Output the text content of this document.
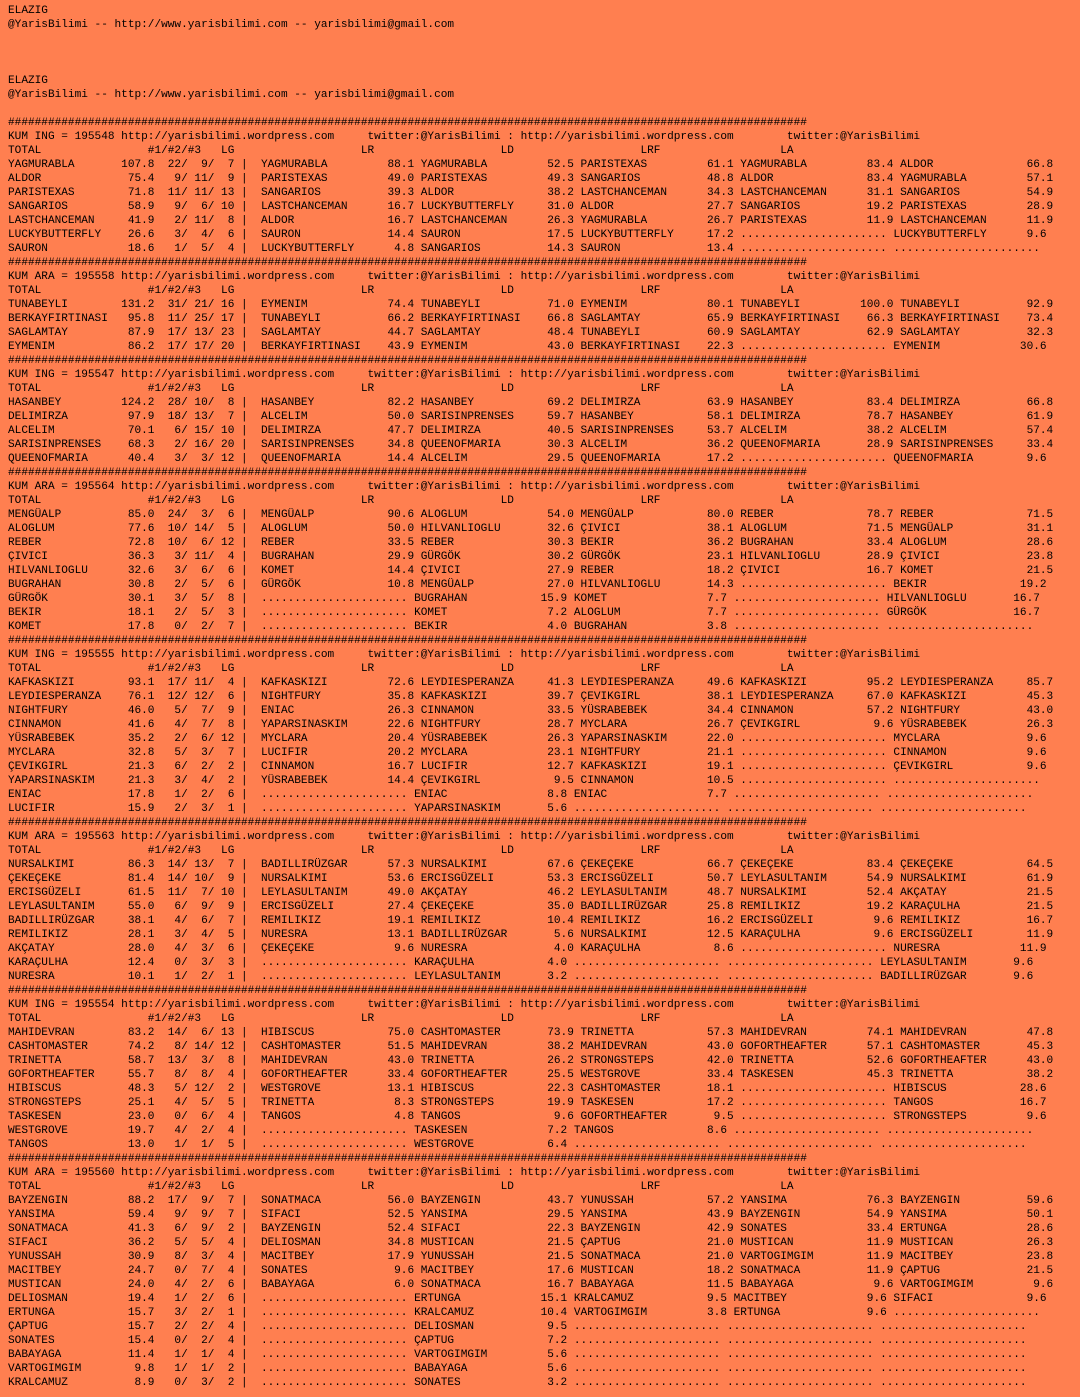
ELAZIG
@YarisBilimi -- http://www.yarisbilimi.com -- yarisbilimi@gmail.com
ELAZIG
@YarisBilimi -- http://www.yarisbilimi.com -- yarisbilimi@gmail.com
########################################################################################################################
KUM ING = 195548 http://yarisbilimi.wordpress.com     twitter:@YarisBilimi : http://yarisbilimi.wordpress.com        twitter:@YarisBilimi
TOTAL                #1/#2/#3   LG                   LR                   LD                   LRF                  LA
YAGMURABLA       107.8  22/  9/  7 |  YAGMURABLA         88.1 YAGMURABLA         52.5 PARISTEXAS         61.1 YAGMURABLA         83.4 ALDOR              66.8
ALDOR             75.4   9/ 11/  9 |  PARISTEXAS         49.0 PARISTEXAS         49.3 SANGARIOS          48.8 ALDOR              83.4 YAGMURABLA         57.1
PARISTEXAS        71.8  11/ 11/ 13 |  SANGARIOS          39.3 ALDOR              38.2 LASTCHANCEMAN      34.3 LASTCHANCEMAN      31.1 SANGARIOS          54.9
SANGARIOS         58.9   9/  6/ 10 |  LASTCHANCEMAN      16.7 LUCKYBUTTERFLY     31.0 ALDOR              27.7 SANGARIOS          19.2 PARISTEXAS         28.9
LASTCHANCEMAN     41.9   2/ 11/  8 |  ALDOR              16.7 LASTCHANCEMAN      26.3 YAGMURABLA         26.7 PARISTEXAS         11.9 LASTCHANCEMAN      11.9
LUCKYBUTTERFLY    26.6   3/  4/  6 |  SAURON             14.4 SAURON             17.5 LUCKYBUTTERFLY     17.2 ...................... LUCKYBUTTERFLY      9.6
SAURON            18.6   1/  5/  4 |  LUCKYBUTTERFLY      4.8 SANGARIOS          14.3 SAURON             13.4 ...................... ......................
########################################################################################################################
KUM ARA = 195558 http://yarisbilimi.wordpress.com     twitter:@YarisBilimi : http://yarisbilimi.wordpress.com        twitter:@YarisBilimi
TOTAL                #1/#2/#3   LG                   LR                   LD                   LRF                  LA
TUNABEYLI        131.2  31/ 21/ 16 |  EYMENIM            74.4 TUNABEYLI          71.0 EYMENIM            80.1 TUNABEYLI         100.0 TUNABEYLI          92.9
BERKAYFIRTINASI   95.8  11/ 25/ 17 |  TUNABEYLI          66.2 BERKAYFIRTINASI    66.8 SAGLAMTAY          65.9 BERKAYFIRTINASI    66.3 BERKAYFIRTINASI    73.4
SAGLAMTAY         87.9  17/ 13/ 23 |  SAGLAMTAY          44.7 SAGLAMTAY          48.4 TUNABEYLI          60.9 SAGLAMTAY          62.9 SAGLAMTAY          32.3
EYMENIM           86.2  17/ 17/ 20 |  BERKAYFIRTINASI    43.9 EYMENIM            43.0 BERKAYFIRTINASI    22.3 ...................... EYMENIM            30.6
########################################################################################################################
KUM ING = 195547 http://yarisbilimi.wordpress.com     twitter:@YarisBilimi : http://yarisbilimi.wordpress.com        twitter:@YarisBilimi
TOTAL                #1/#2/#3   LG                   LR                   LD                   LRF                  LA
HASANBEY         124.2  28/ 10/  8 |  HASANBEY           82.2 HASANBEY           69.2 DELIMIRZA          63.9 HASANBEY           83.4 DELIMIRZA          66.8
DELIMIRZA         97.9  18/ 13/  7 |  ALCELIM            50.0 SARISINPRENSES     59.7 HASANBEY           58.1 DELIMIRZA          78.7 HASANBEY           61.9
ALCELIM           70.1   6/ 15/ 10 |  DELIMIRZA          47.7 DELIMIRZA          40.5 SARISINPRENSES     53.7 ALCELIM            38.2 ALCELIM            57.4
SARISINPRENSES    68.3   2/ 16/ 20 |  SARISINPRENSES     34.8 QUEENOFMARIA       30.3 ALCELIM            36.2 QUEENOFMARIA       28.9 SARISINPRENSES     33.4
QUEENOFMARIA      40.4   3/  3/ 12 |  QUEENOFMARIA       14.4 ALCELIM            29.5 QUEENOFMARIA       17.2 ...................... QUEENOFMARIA        9.6
########################################################################################################################
KUM ARA = 195564 http://yarisbilimi.wordpress.com     twitter:@YarisBilimi : http://yarisbilimi.wordpress.com        twitter:@YarisBilimi
TOTAL                #1/#2/#3   LG                   LR                   LD                   LRF                  LA
MENGÜALP          85.0  24/  3/  6 |  MENGÜALP           90.6 ALOGLUM            54.0 MENGÜALP           80.0 REBER              78.7 REBER              71.5
ALOGLUM           77.6  10/ 14/  5 |  ALOGLUM            50.0 HILVANLIOGLU       32.6 ÇIVICI             38.1 ALOGLUM            71.5 MENGÜALP           31.1
REBER             72.8  10/  6/ 12 |  REBER              33.5 REBER              30.3 BEKIR              36.2 BUGRAHAN           33.4 ALOGLUM            28.6
ÇIVICI            36.3   3/ 11/  4 |  BUGRAHAN           29.9 GÜRGÖK             30.2 GÜRGÖK             23.1 HILVANLIOGLU       28.9 ÇIVICI             23.8
HILVANLIOGLU      32.6   3/  6/  6 |  KOMET              14.4 ÇIVICI             27.9 REBER              18.2 ÇIVICI             16.7 KOMET              21.5
BUGRAHAN          30.8   2/  5/  6 |  GÜRGÖK             10.8 MENGÜALP           27.0 HILVANLIOGLU       14.3 ...................... BEKIR              19.2
GÜRGÖK            30.1   3/  5/  8 |  ...................... BUGRAHAN           15.9 KOMET               7.7 ...................... HILVANLIOGLU       16.7
BEKIR             18.1   2/  5/  3 |  ...................... KOMET               7.2 ALOGLUM             7.7 ...................... GÜRGÖK             16.7
KOMET             17.8   0/  2/  7 |  ...................... BEKIR               4.0 BUGRAHAN            3.8 ...................... ......................
########################################################################################################################
KUM ING = 195555 http://yarisbilimi.wordpress.com     twitter:@YarisBilimi : http://yarisbilimi.wordpress.com        twitter:@YarisBilimi
TOTAL                #1/#2/#3   LG                   LR                   LD                   LRF                  LA
KAFKASKIZI        93.1  17/ 11/  4 |  KAFKASKIZI         72.6 LEYDIESPERANZA     41.3 LEYDIESPERANZA     49.6 KAFKASKIZI         95.2 LEYDIESPERANZA     85.7
LEYDIESPERANZA    76.1  12/ 12/  6 |  NIGHTFURY          35.8 KAFKASKIZI         39.7 ÇEVIKGIRL          38.1 LEYDIESPERANZA     67.0 KAFKASKIZI         45.3
NIGHTFURY         46.0   5/  7/  9 |  ENIAC              26.3 CINNAMON           33.5 YÜSRABEBEK         34.4 CINNAMON           57.2 NIGHTFURY          43.0
CINNAMON          41.6   4/  7/  8 |  YAPARSINASKIM      22.6 NIGHTFURY          28.7 MYCLARA            26.7 ÇEVIKGIRL           9.6 YÜSRABEBEK         26.3
YÜSRABEBEK        35.2   2/  6/ 12 |  MYCLARA            20.4 YÜSRABEBEK         26.3 YAPARSINASKIM      22.0 ...................... MYCLARA             9.6
MYCLARA           32.8   5/  3/  7 |  LUCIFIR            20.2 MYCLARA            23.1 NIGHTFURY          21.1 ...................... CINNAMON            9.6
ÇEVIKGIRL         21.3   6/  2/  2 |  CINNAMON           16.7 LUCIFIR            12.7 KAFKASKIZI         19.1 ...................... ÇEVIKGIRL           9.6
YAPARSINASKIM     21.3   3/  4/  2 |  YÜSRABEBEK         14.4 ÇEVIKGIRL           9.5 CINNAMON           10.5 ...................... ......................
ENIAC             17.8   1/  2/  6 |  ...................... ENIAC               8.8 ENIAC               7.7 ...................... ......................
LUCIFIR           15.9   2/  3/  1 |  ...................... YAPARSINASKIM       5.6 ...................... ...................... ......................
########################################################################################################################
KUM ARA = 195563 http://yarisbilimi.wordpress.com     twitter:@YarisBilimi : http://yarisbilimi.wordpress.com        twitter:@YarisBilimi
TOTAL                #1/#2/#3   LG                   LR                   LD                   LRF                  LA
NURSALKIMI        86.3  14/ 13/  7 |  BADILLIRÜZGAR      57.3 NURSALKIMI         67.6 ÇEKEÇEKE           66.7 ÇEKEÇEKE           83.4 ÇEKEÇEKE           64.5
ÇEKEÇEKE          81.4  14/ 10/  9 |  NURSALKIMI         53.6 ERCISGÜZELI        53.3 ERCISGÜZELI        50.7 LEYLASULTANIM      54.9 NURSALKIMI         61.9
ERCISGÜZELI       61.5  11/  7/ 10 |  LEYLASULTANIM      49.0 AKÇATAY            46.2 LEYLASULTANIM      48.7 NURSALKIMI         52.4 AKÇATAY            21.5
LEYLASULTANIM     55.0   6/  9/  9 |  ERCISGÜZELI        27.4 ÇEKEÇEKE           35.0 BADILLIRÜZGAR      25.8 REMILIKIZ          19.2 KARAÇULHA          21.5
BADILLIRÜZGAR     38.1   4/  6/  7 |  REMILIKIZ          19.1 REMILIKIZ          10.4 REMILIKIZ          16.2 ERCISGÜZELI         9.6 REMILIKIZ          16.7
REMILIKIZ         28.1   3/  4/  5 |  NURESRA            13.1 BADILLIRÜZGAR       5.6 NURSALKIMI         12.5 KARAÇULHA           9.6 ERCISGÜZELI        11.9
AKÇATAY           28.0   4/  3/  6 |  ÇEKEÇEKE            9.6 NURESRA             4.0 KARAÇULHA           8.6 ...................... NURESRA            11.9
KARAÇULHA         12.4   0/  3/  3 |  ...................... KARAÇULHA           4.0 ...................... ...................... LEYLASULTANIM       9.6
NURESRA           10.1   1/  2/  1 |  ...................... LEYLASULTANIM       3.2 ...................... ...................... BADILLIRÜZGAR       9.6
########################################################################################################################
KUM ING = 195554 http://yarisbilimi.wordpress.com     twitter:@YarisBilimi : http://yarisbilimi.wordpress.com        twitter:@YarisBilimi
TOTAL                #1/#2/#3   LG                   LR                   LD                   LRF                  LA
MAHIDEVRAN        83.2  14/  6/ 13 |  HIBISCUS           75.0 CASHTOMASTER       73.9 TRINETTA           57.3 MAHIDEVRAN         74.1 MAHIDEVRAN         47.8
CASHTOMASTER      74.2   8/ 14/ 12 |  CASHTOMASTER       51.5 MAHIDEVRAN         38.2 MAHIDEVRAN         43.0 GOFORTHEAFTER      57.1 CASHTOMASTER       45.3
TRINETTA          58.7  13/  3/  8 |  MAHIDEVRAN         43.0 TRINETTA           26.2 STRONGSTEPS        42.0 TRINETTA           52.6 GOFORTHEAFTER      43.0
GOFORTHEAFTER     55.7   8/  8/  4 |  GOFORTHEAFTER      33.4 GOFORTHEAFTER      25.5 WESTGROVE          33.4 TASKESEN           45.3 TRINETTA           38.2
HIBISCUS          48.3   5/ 12/  2 |  WESTGROVE          13.1 HIBISCUS           22.3 CASHTOMASTER       18.1 ...................... HIBISCUS           28.6
STRONGSTEPS       25.1   4/  5/  5 |  TRINETTA            8.3 STRONGSTEPS        19.9 TASKESEN           17.2 ...................... TANGOS             16.7
TASKESEN          23.0   0/  6/  4 |  TANGOS              4.8 TANGOS              9.6 GOFORTHEAFTER       9.5 ...................... STRONGSTEPS         9.6
WESTGROVE         19.7   4/  2/  4 |  ...................... TASKESEN            7.2 TANGOS              8.6 ...................... ......................
TANGOS            13.0   1/  1/  5 |  ...................... WESTGROVE           6.4 ...................... ...................... ......................
########################################################################################################################
KUM ARA = 195560 http://yarisbilimi.wordpress.com     twitter:@YarisBilimi : http://yarisbilimi.wordpress.com        twitter:@YarisBilimi
TOTAL                #1/#2/#3   LG                   LR                   LD                   LRF                  LA
BAYZENGIN         88.2  17/  9/  7 |  SONATMACA          56.0 BAYZENGIN          43.7 YUNUSSAH           57.2 YANSIMA            76.3 BAYZENGIN          59.6
YANSIMA           59.4   9/  9/  7 |  SIFACI             52.5 YANSIMA            29.5 YANSIMA            43.9 BAYZENGIN          54.9 YANSIMA            50.1
SONATMACA         41.3   6/  9/  2 |  BAYZENGIN          52.4 SIFACI             22.3 BAYZENGIN          42.9 SONATES            33.4 ERTUNGA            28.6
SIFACI            36.2   5/  5/  4 |  DELIOSMAN          34.8 MUSTICAN           21.5 ÇAPTUG             21.0 MUSTICAN           11.9 MUSTICAN           26.3
YUNUSSAH          30.9   8/  3/  4 |  MACITBEY           17.9 YUNUSSAH           21.5 SONATMACA          21.0 VARTOGIMGIM        11.9 MACITBEY           23.8
MACITBEY          24.7   0/  7/  4 |  SONATES             9.6 MACITBEY           17.6 MUSTICAN           18.2 SONATMACA          11.9 ÇAPTUG             21.5
MUSTICAN          24.0   4/  2/  6 |  BABAYAGA            6.0 SONATMACA          16.7 BABAYAGA           11.5 BABAYAGA            9.6 VARTOGIMGIM         9.6
DELIOSMAN         19.4   1/  2/  6 |  ...................... ERTUNGA            15.1 KRALCAMUZ           9.5 MACITBEY            9.6 SIFACI              9.6
ERTUNGA           15.7   3/  2/  1 |  ...................... KRALCAMUZ          10.4 VARTOGIMGIM         3.8 ERTUNGA             9.6 ......................
ÇAPTUG            15.7   2/  2/  4 |  ...................... DELIOSMAN           9.5 ...................... ...................... ......................
SONATES           15.4   0/  2/  4 |  ...................... ÇAPTUG              7.2 ...................... ...................... ......................
BABAYAGA          11.4   1/  1/  4 |  ...................... VARTOGIMGIM         5.6 ...................... ...................... ......................
VARTOGIMGIM        9.8   1/  1/  2 |  ...................... BABAYAGA            5.6 ...................... ...................... ......................
KRALCAMUZ          8.9   0/  3/  2 |  ...................... SONATES             3.2 ...................... ...................... ......................
